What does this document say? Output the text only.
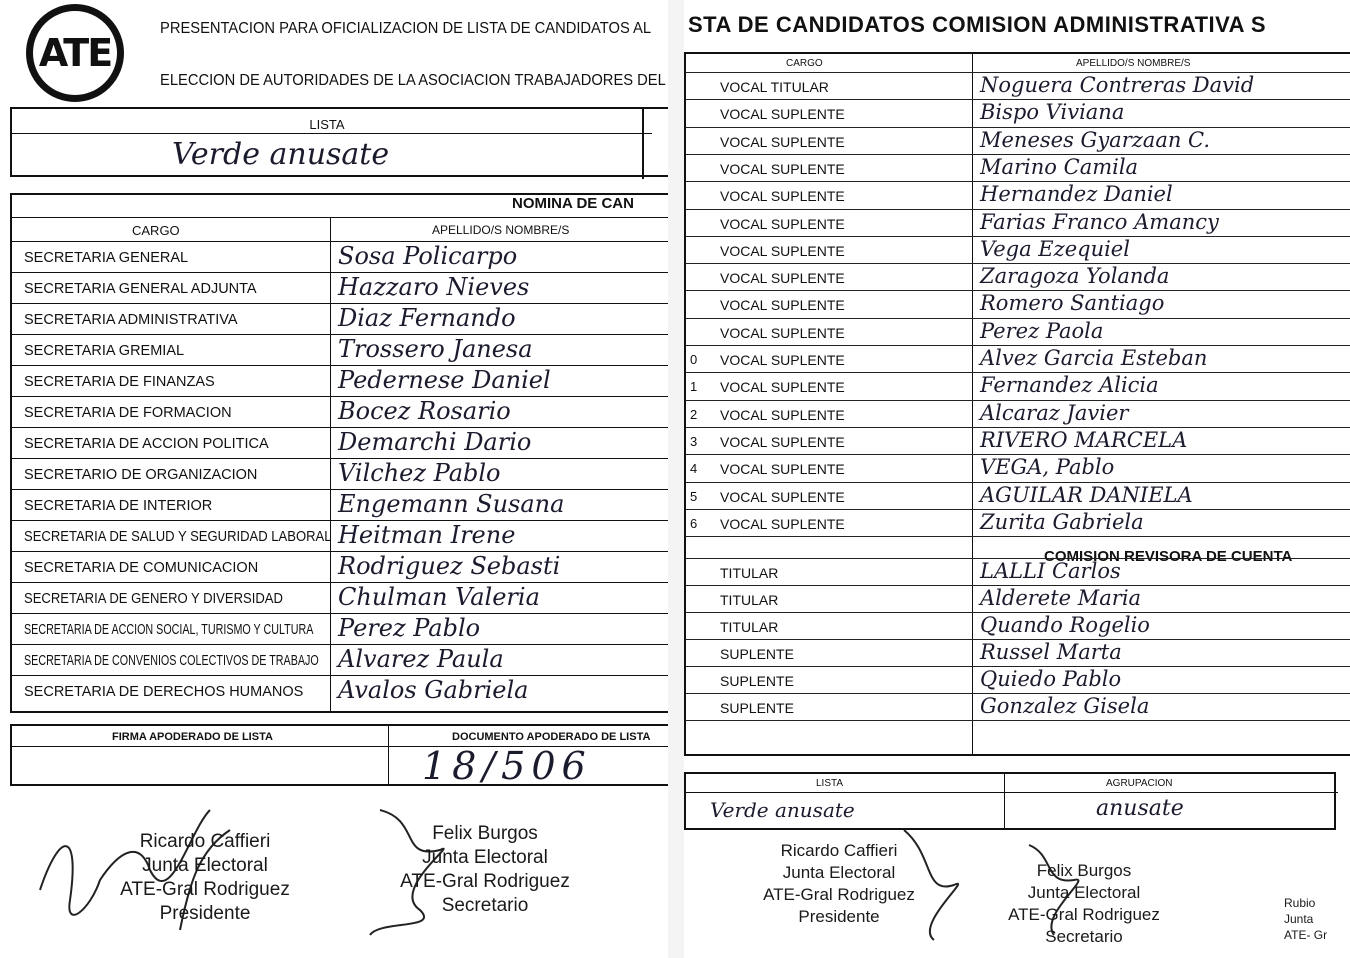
ATE
PRESENTACION PARA OFICIALIZACION DE LISTA DE CANDIDATOS AL
ELECCION DE AUTORIDADES DE LA ASOCIACION TRABAJADORES DEL
LISTA
Verde anusate
NOMINA DE CAN
CARGO	APELLIDO/S NOMBRE/S
SECRETARIA GENERAL	Sosa Policarpo
SECRETARIA GENERAL ADJUNTA	Hazzaro Nieves
SECRETARIA ADMINISTRATIVA	Diaz Fernando
SECRETARIA GREMIAL	Trossero Janesa
SECRETARIA DE FINANZAS	Pedernese Daniel
SECRETARIA DE FORMACION	Bocez Rosario
SECRETARIA DE ACCION POLITICA	Demarchi Dario
SECRETARIO DE ORGANIZACION	Vilchez Pablo
SECRETARIA DE INTERIOR	Engemann Susana
SECRETARIA DE SALUD Y SEGURIDAD LABORAL Heitman Irene
SECRETARIA DE COMUNICACION	Rodriguez Sebasti
SECRETARIA DE GENERO Y DIVERSIDAD Chulman Valeria
SECRETARIA DE ACCION SOCIAL, TURISMO Y CULTURA Perez Pablo
SECRETARIA DE CONVENIOS COLECTIVOS DE TRABAJO Alvarez Paula
SECRETARIA DE DERECHOS HUMANOS Avalos Gabriela
FIRMA APODERADO DE LISTA	DOCUMENTO APODERADO DE LISTA
18/506
Ricardo Caffieri
Junta Electoral
ATE-Gral Rodriguez
Presidente
Felix Burgos
Junta Electoral
ATE-Gral Rodriguez
Secretario
STA DE CANDIDATOS COMISION ADMINISTRATIVA S
CARGO	APELLIDO/S NOMBRE/S
COMISION REVISORA DE CUENTA
VOCAL TITULAR	Noguera Contreras David
VOCAL SUPLENTE	Bispo Viviana
VOCAL SUPLENTE	Meneses Gyarzaan C.
VOCAL SUPLENTE	Marino Camila
VOCAL SUPLENTE	Hernandez Daniel
VOCAL SUPLENTE	Farias Franco Amancy
VOCAL SUPLENTE	Vega Ezequiel
VOCAL SUPLENTE	Zaragoza Yolanda
VOCAL SUPLENTE	Romero Santiago
VOCAL SUPLENTE	Perez Paola
0 VOCAL SUPLENTE	Alvez Garcia Esteban
1 VOCAL SUPLENTE	Fernandez Alicia
2 VOCAL SUPLENTE	Alcaraz Javier
3 VOCAL SUPLENTE	RIVERO MARCELA
4 VOCAL SUPLENTE	VEGA, Pablo
5 VOCAL SUPLENTE	AGUILAR DANIELA
6 VOCAL SUPLENTE	Zurita Gabriela
TITULAR	LALLI Carlos
TITULAR	Alderete Maria
TITULAR	Quando Rogelio
SUPLENTE	Russel Marta
SUPLENTE	Quiedo Pablo
SUPLENTE	Gonzalez Gisela
LISTA	AGRUPACION
Verde anusate	anusate
Ricardo Caffieri
Junta Electoral
ATE-Gral Rodriguez
Presidente
Felix Burgos
Junta Electoral
ATE-Gral Rodriguez
Secretario
Rubio
Junta
ATE- Gr
